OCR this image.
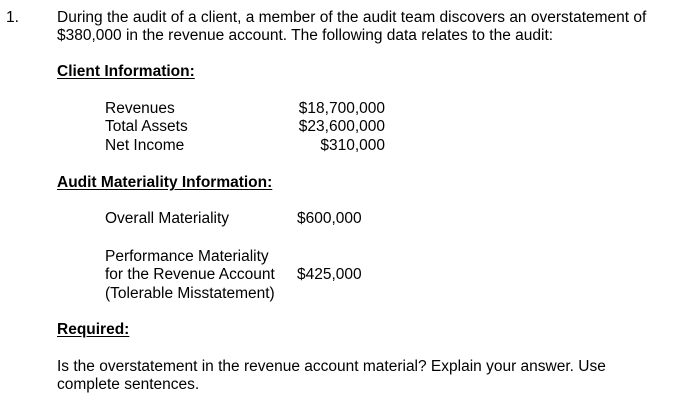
1. During the audit of a client, a member of the audit team discovers an overstatement of
$380,000 in the revenue account. The following data relates to the audit:
Client Information:
Revenues
Total Assets
Net Income
$18,700,000
$23,600,000
$310,000
Audit Materiality Information:
Overall Materiality	$600,000
Performance Materiality
for the Revenue Account
(Tolerable Misstatement)
$425,000
Required:
Is the overstatement in the revenue account material? Explain your answer. Use
complete sentences.
